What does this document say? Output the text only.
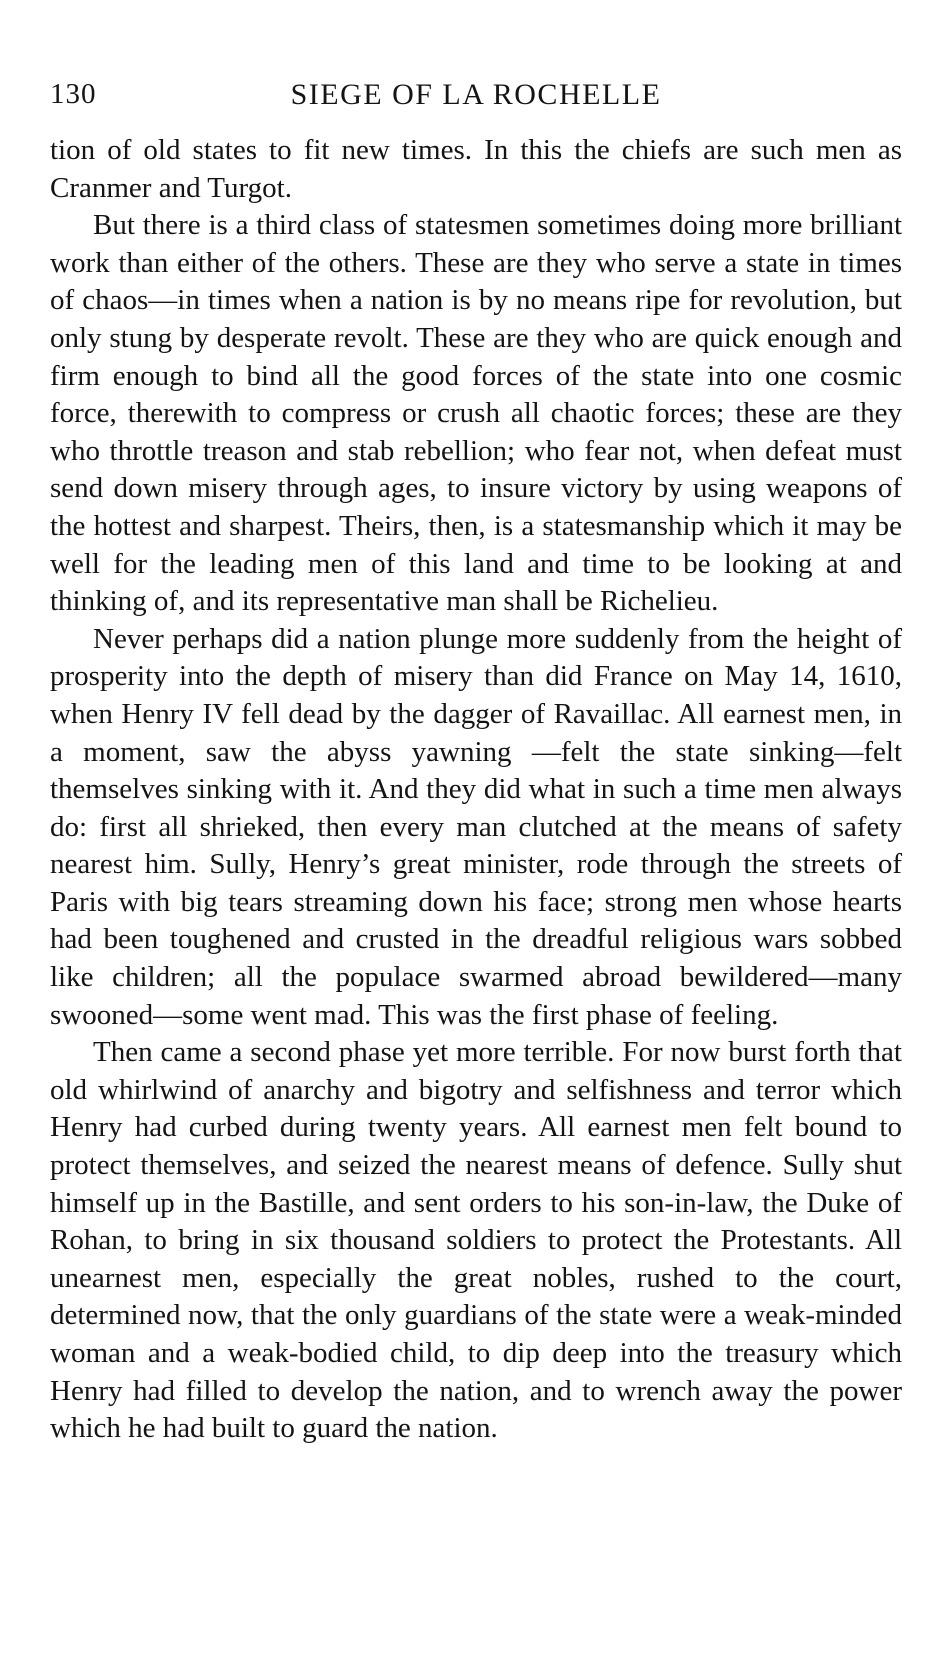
130	SIEGE OF LA ROCHELLE

tion of old states to fit new times. In this the chiefs are such men as Cranmer and Turgot.

But there is a third class of statesmen sometimes doing more brilliant work than either of the others. These are they who serve a state in times of chaos—in times when a nation is by no means ripe for revolution, but only stung by desperate revolt. These are they who are quick enough and firm enough to bind all the good forces of the state into one cosmic force, therewith to compress or crush all chaotic forces; these are they who throttle treason and stab rebellion; who fear not, when defeat must send down misery through ages, to insure victory by using weapons of the hottest and sharpest. Theirs, then, is a statesmanship which it may be well for the leading men of this land and time to be looking at and thinking of, and its representative man shall be Richelieu.

Never perhaps did a nation plunge more suddenly from the height of prosperity into the depth of misery than did France on May 14, 1610, when Henry IV fell dead by the dagger of Ravaillac. All earnest men, in a moment, saw the abyss yawning —felt the state sinking—felt themselves sinking with it. And they did what in such a time men always do: first all shrieked, then every man clutched at the means of safety nearest him. Sully, Henry’s great minister, rode through the streets of Paris with big tears streaming down his face; strong men whose hearts had been toughened and crusted in the dreadful religious wars sobbed like children; all the populace swarmed abroad bewildered—many swooned—some went mad. This was the first phase of feeling.

Then came a second phase yet more terrible. For now burst forth that old whirlwind of anarchy and bigotry and selfishness and terror which Henry had curbed during twenty years. All earnest men felt bound to protect themselves, and seized the nearest means of defence. Sully shut himself up in the Bastille, and sent orders to his son-in-law, the Duke of Rohan, to bring in six thousand soldiers to protect the Protestants. All unearnest men, especially the great nobles, rushed to the court, determined now, that the only guardians of the state were a weak-minded woman and a weak-bodied child, to dip deep into the treasury which Henry had filled to develop the nation, and to wrench away the power which he had built to guard the nation.
